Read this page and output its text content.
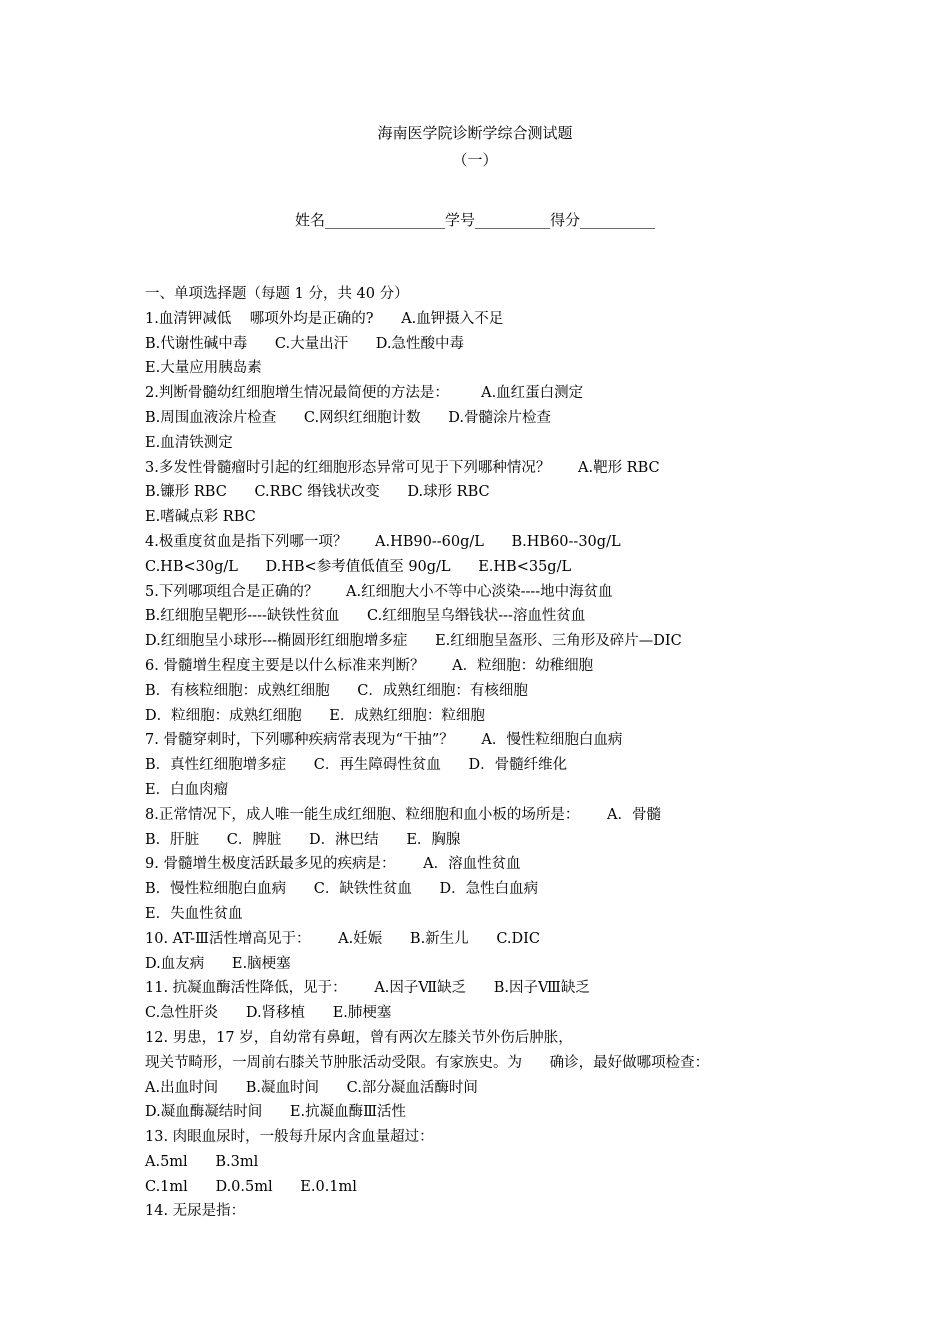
海南医学院诊断学综合测试题
（一）
姓名________________学号__________得分__________
一、单项选择题（每题 1 分，共 40 分）
1.血清钾减低    哪项外均是正确的?      A.血钾摄入不足
B.代谢性碱中毒      C.大量出汗      D.急性酸中毒
E.大量应用胰岛素
2.判断骨髓幼红细胞增生情况最简便的方法是：       A.血红蛋白测定
B.周围血液涂片检查      C.网织红细胞计数      D.骨髓涂片检查
E.血清铁测定
3.多发性骨髓瘤时引起的红细胞形态异常可见于下列哪种情况？      A.靶形 RBC
B.镰形 RBC      C.RBC 缗钱状改变      D.球形 RBC
E.嗜碱点彩 RBC
4.极重度贫血是指下列哪一项？      A.HB90--60g/L      B.HB60--30g/L
C.HB<30g/L      D.HB<参考值低值至 90g/L      E.HB<35g/L
5.下列哪项组合是正确的？      A.红细胞大小不等中心淡染----地中海贫血
B.红细胞呈靶形----缺铁性贫血      C.红细胞呈乌缗钱状---溶血性贫血
D.红细胞呈小球形---椭圆形红细胞增多症      E.红细胞呈盔形、三角形及碎片—DIC
6. 骨髓增生程度主要是以什么标准来判断？      A．粒细胞：幼稚细胞
B．有核粒细胞：成熟红细胞      C．成熟红细胞：有核细胞
D．粒细胞：成熟红细胞      E．成熟红细胞：粒细胞
7. 骨髓穿刺时，下列哪种疾病常表现为“干抽”？      A．慢性粒细胞白血病
B．真性红细胞增多症      C．再生障碍性贫血      D．骨髓纤维化
E．白血肉瘤
8.正常情况下，成人唯一能生成红细胞、粒细胞和血小板的场所是：      A．骨髓
B．肝脏      C．脾脏      D．淋巴结      E．胸腺
9. 骨髓增生极度活跃最多见的疾病是：      A．溶血性贫血
B．慢性粒细胞白血病      C．缺铁性贫血      D．急性白血病
E．失血性贫血
10. AT-Ⅲ活性增高见于：      A.妊娠      B.新生儿      C.DIC
D.血友病      E.脑梗塞
11. 抗凝血酶活性降低，见于：      A.因子Ⅶ缺乏      B.因子Ⅷ缺乏
C.急性肝炎      D.肾移植      E.肺梗塞
12. 男患，17 岁，自幼常有鼻衄，曾有两次左膝关节外伤后肿胀，
现关节畸形，一周前右膝关节肿胀活动受限。有家族史。为      确诊，最好做哪项检查：
A.出血时间      B.凝血时间      C.部分凝血活酶时间
D.凝血酶凝结时间      E.抗凝血酶Ⅲ活性
13. 肉眼血尿时，一般每升尿内含血量超过：
A.5ml      B.3ml
C.1ml      D.0.5ml      E.0.1ml
14. 无尿是指：
